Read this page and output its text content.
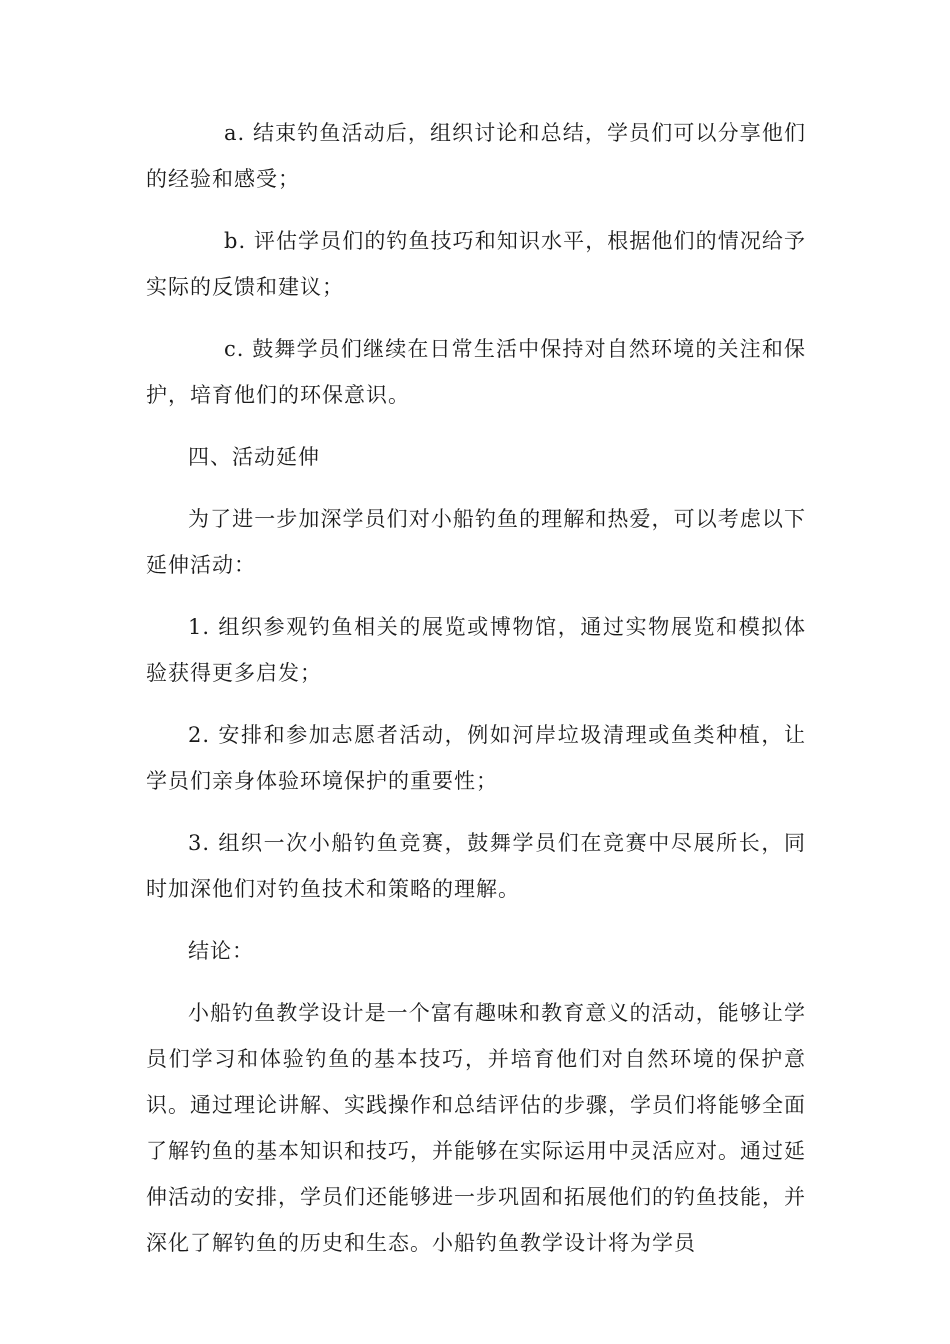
a. 结束钓鱼活动后，组织讨论和总结，学员们可以分享他们的经验和感受；

b. 评估学员们的钓鱼技巧和知识水平，根据他们的情况给予实际的反馈和建议；

c. 鼓舞学员们继续在日常生活中保持对自然环境的关注和保护，培育他们的环保意识。

四、活动延伸

为了进一步加深学员们对小船钓鱼的理解和热爱，可以考虑以下延伸活动：

1. 组织参观钓鱼相关的展览或博物馆，通过实物展览和模拟体验获得更多启发；

2. 安排和参加志愿者活动，例如河岸垃圾清理或鱼类种植，让学员们亲身体验环境保护的重要性；

3. 组织一次小船钓鱼竞赛，鼓舞学员们在竞赛中尽展所长，同时加深他们对钓鱼技术和策略的理解。

结论：

小船钓鱼教学设计是一个富有趣味和教育意义的活动，能够让学员们学习和体验钓鱼的基本技巧，并培育他们对自然环境的保护意识。通过理论讲解、实践操作和总结评估的步骤，学员们将能够全面了解钓鱼的基本知识和技巧，并能够在实际运用中灵活应对。通过延伸活动的安排，学员们还能够进一步巩固和拓展他们的钓鱼技能，并深化了解钓鱼的历史和生态。小船钓鱼教学设计将为学员
